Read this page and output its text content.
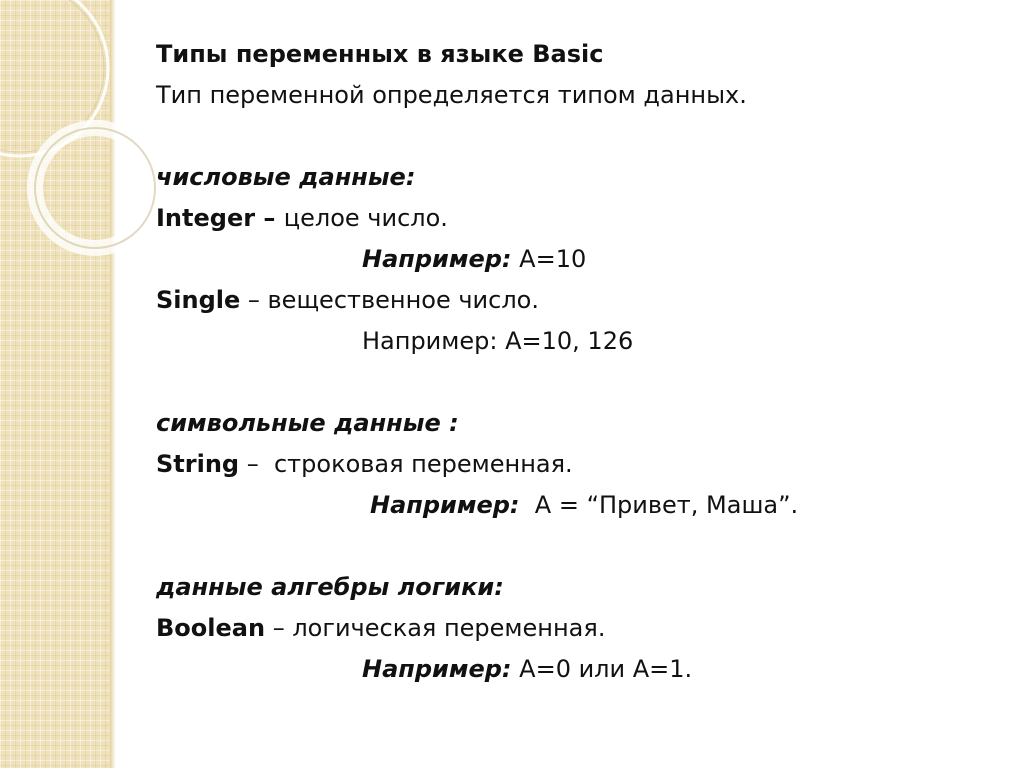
Типы переменных в языке Basic
Тип переменной определяется типом данных.
числовые данные:
Integer – целое число.
Например: А=10
Single – вещественное число.
Например: А=10, 126
символьные данные :
String –  строковая переменная.
Например:  А = “Привет, Маша”.
данные алгебры логики:
Boolean – логическая переменная.
Например: А=0 или А=1.
